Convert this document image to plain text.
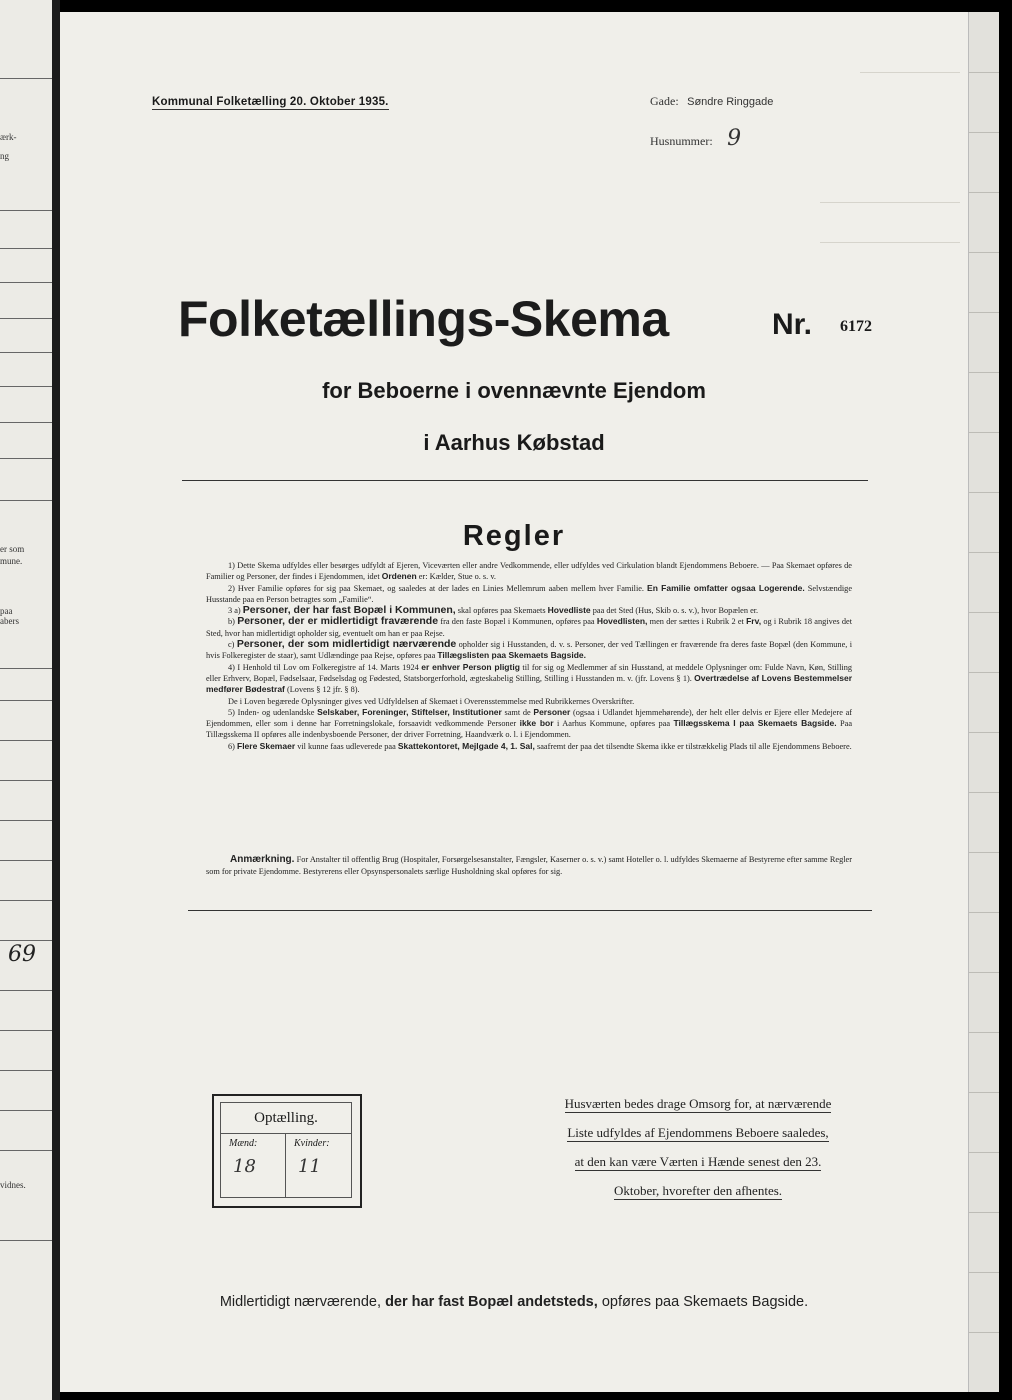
ærk-
ng
er som
mune.
paa
abers
69
vidnes.
Kommunal Folketælling 20. Oktober 1935.	Gade: Søndre Ringgade
Husnummer: 9
Folketællings-Skema	Nr. 6172
for Beboerne i ovennævnte Ejendom
i Aarhus Købstad
Regler

1) Dette Skema udfyldes eller besørges udfyldt af Ejeren, Viceværten eller andre Vedkommende, eller udfyldes ved Cirkulation blandt Ejendommens Beboere. — Paa Skemaet opføres de Familier og Personer, der findes i Ejendommen, idet Ordenen er: Kælder, Stue o. s. v.

2) Hver Familie opføres for sig paa Skemaet, og saaledes at der lades en Linies Mellemrum aaben mellem hver Familie. En Familie omfatter ogsaa Logerende. Selvstændige Husstande paa en Person betragtes som „Familie“.

3 a) Personer, der har fast Bopæl i Kommunen, skal opføres paa Skemaets Hovedliste paa det Sted (Hus, Skib o. s. v.), hvor Bopælen er.

b) Personer, der er midlertidigt fraværende fra den faste Bopæl i Kommunen, opføres paa Hovedlisten, men der sættes i Rubrik 2 et Frv, og i Rubrik 18 angives det Sted, hvor han midlertidigt opholder sig, eventuelt om han er paa Rejse.

c) Personer, der som midlertidigt nærværende opholder sig i Husstanden, d. v. s. Personer, der ved Tællingen er fraværende fra deres faste Bopæl (den Kommune, i hvis Folkeregister de staar), samt Udlændinge paa Rejse, opføres paa Tillægslisten paa Skemaets Bagside.

4) I Henhold til Lov om Folkeregistre af 14. Marts 1924 er enhver Person pligtig til for sig og Medlemmer af sin Husstand, at meddele Oplysninger om: Fulde Navn, Køn, Stilling eller Erhverv, Bopæl, Fødselsaar, Fødselsdag og Fødested, Statsborgerforhold, ægteskabelig Stilling, Stilling i Husstanden m. v. (jfr. Lovens § 1). Overtrædelse af Lovens Bestemmelser medfører Bødestraf (Lovens § 12 jfr. § 8).

De i Loven begærede Oplysninger gives ved Udfyldelsen af Skemaet i Overensstemmelse med Rubrikkernes Overskrifter.

5) Inden- og udenlandske Selskaber, Foreninger, Stiftelser, Institutioner samt de Personer (ogsaa i Udlandet hjemmehørende), der helt eller delvis er Ejere eller Medejere af Ejendommen, eller som i denne har Forretningslokale, forsaavidt vedkommende Personer ikke bor i Aarhus Kommune, opføres paa Tillægsskema I paa Skemaets Bagside. Paa Tillægsskema II opføres alle indenbysboende Personer, der driver Forretning, Haandværk o. l. i Ejendommen.

6) Flere Skemaer vil kunne faas udleverede paa Skattekontoret, Mejlgade 4, 1. Sal, saafremt der paa det tilsendte Skema ikke er tilstrækkelig Plads til alle Ejendommens Beboere.

Anmærkning. For Anstalter til offentlig Brug (Hospitaler, Forsørgelsesanstalter, Fængsler, Kaserner o. s. v.) samt Hoteller o. l. udfyldes Skemaerne af Bestyrerne efter samme Regler som for private Ejendomme. Bestyrerens eller Opsynspersonalets særlige Husholdning skal opføres for sig.
Optælling.
Mænd:
18
Kvinder:
11
Husværten bedes drage Omsorg for, at nærværende
Liste udfyldes af Ejendommens Beboere saaledes,
at den kan være Værten i Hænde senest den 23.
Oktober, hvorefter den afhentes.
Midlertidigt nærværende, der har fast Bopæl andetsteds, opføres paa Skemaets Bagside.
